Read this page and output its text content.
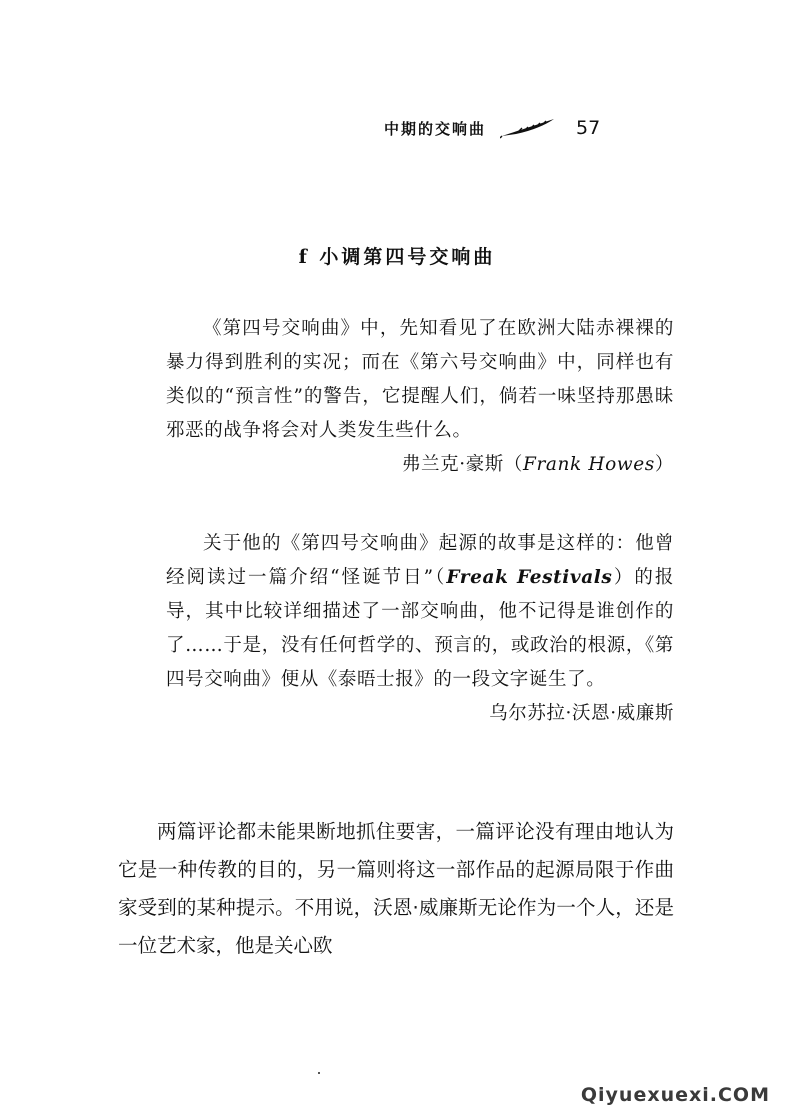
中期的交响曲	57
f 小调第四号交响曲

《第四号交响曲》中，先知看见了在欧洲大陆赤裸裸的暴力得到胜利的实况；而在《第六号交响曲》中，同样也有类似的“预言性”的警告，它提醒人们，倘若一味坚持那愚昧邪恶的战争将会对人类发生些什么。

弗兰克·豪斯（Frank Howes）

关于他的《第四号交响曲》起源的故事是这样的：他曾经阅读过一篇介绍“怪诞节日”（Freak Festivals）的报导，其中比较详细描述了一部交响曲，他不记得是谁创作的了……于是，没有任何哲学的、预言的，或政治的根源，《第四号交响曲》便从《泰晤士报》的一段文字诞生了。

乌尔苏拉·沃恩·威廉斯

两篇评论都未能果断地抓住要害，一篇评论没有理由地认为它是一种传教的目的，另一篇则将这一部作品的起源局限于作曲家受到的某种提示。不用说，沃恩·威廉斯无论作为一个人，还是一位艺术家，他是关心欧

Qiyuexuexi.COM
